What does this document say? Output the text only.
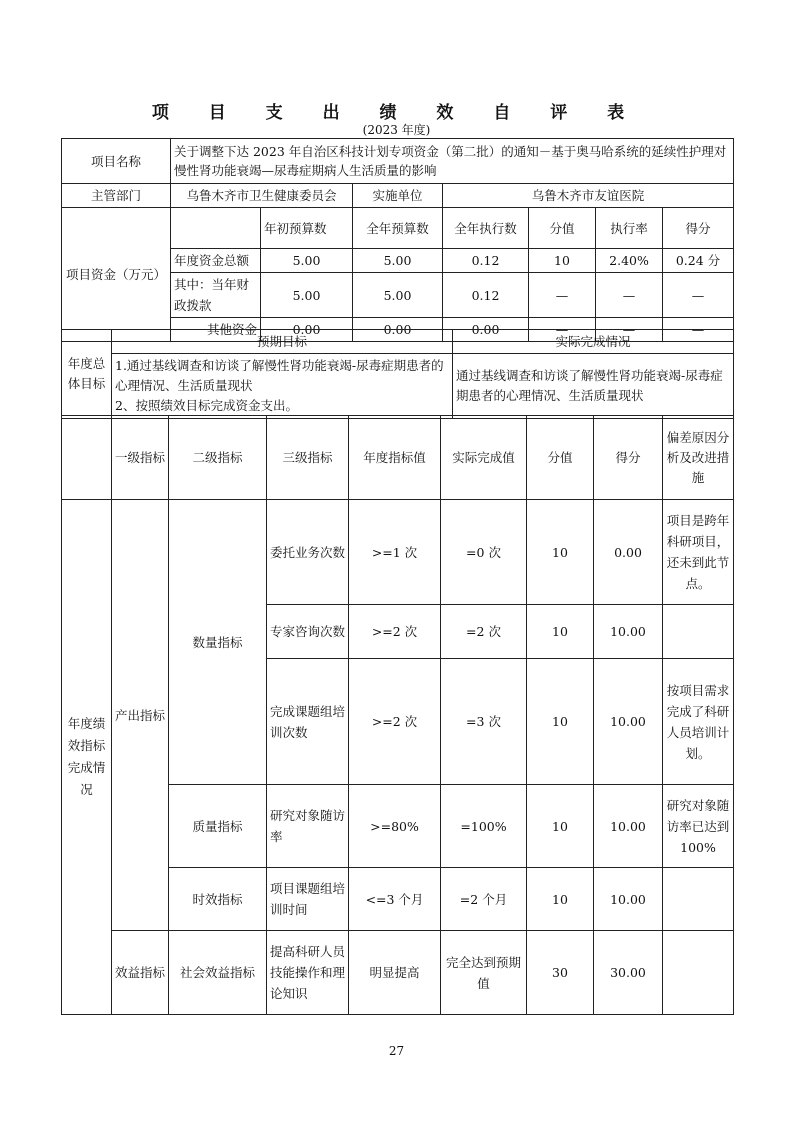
项 目 支 出 绩 效 自 评 表
(2023 年度)
项目名称	关于调整下达 2023 年自治区科技计划专项资金（第二批）的通知－基于奥马哈系统的延续性护理对慢性肾功能衰竭—尿毒症期病人生活质量的影响						
主管部门	乌鲁木齐市卫生健康委员会		实施单位	乌鲁木齐市友谊医院			
项目资金（万元）		年初预算数	全年预算数	全年执行数	分值	执行率	得分
	年度资金总额	5.00	5.00	0.12	10	2.40%	0.24 分
	其中：当年财政拨款	5.00	5.00	0.12	—	—	—
	其他资金	0.00	0.00	0.00	—	—	—
年度总体目标	预期目标	实际完成情况
	1.通过基线调查和访谈了解慢性肾功能衰竭-尿毒症期患者的心理情况、生活质量现状
2、按照绩效目标完成资金支出。	通过基线调查和访谈了解慢性肾功能衰竭-尿毒症期患者的心理情况、生活质量现状
	一级指标	二级指标	三级指标	年度指标值	实际完成值	分值	得分	偏差原因分析及改进措施
年度绩效指标完成情况	产出指标	数量指标	委托业务次数	>=1 次	=0 次	10	0.00	项目是跨年科研项目，还未到此节点。
			专家咨询次数	>=2 次	=2 次	10	10.00	
			完成课题组培训次数	>=2 次	=3 次	10	10.00	按项目需求完成了科研人员培训计划。
		质量指标	研究对象随访率	>=80%	=100%	10	10.00	研究对象随访率已达到 100%
		时效指标	项目课题组培训时间	<=3 个月	=2 个月	10	10.00	
	效益指标	社会效益指标	提高科研人员技能操作和理论知识	明显提高	完全达到预期值	30	30.00	
27
